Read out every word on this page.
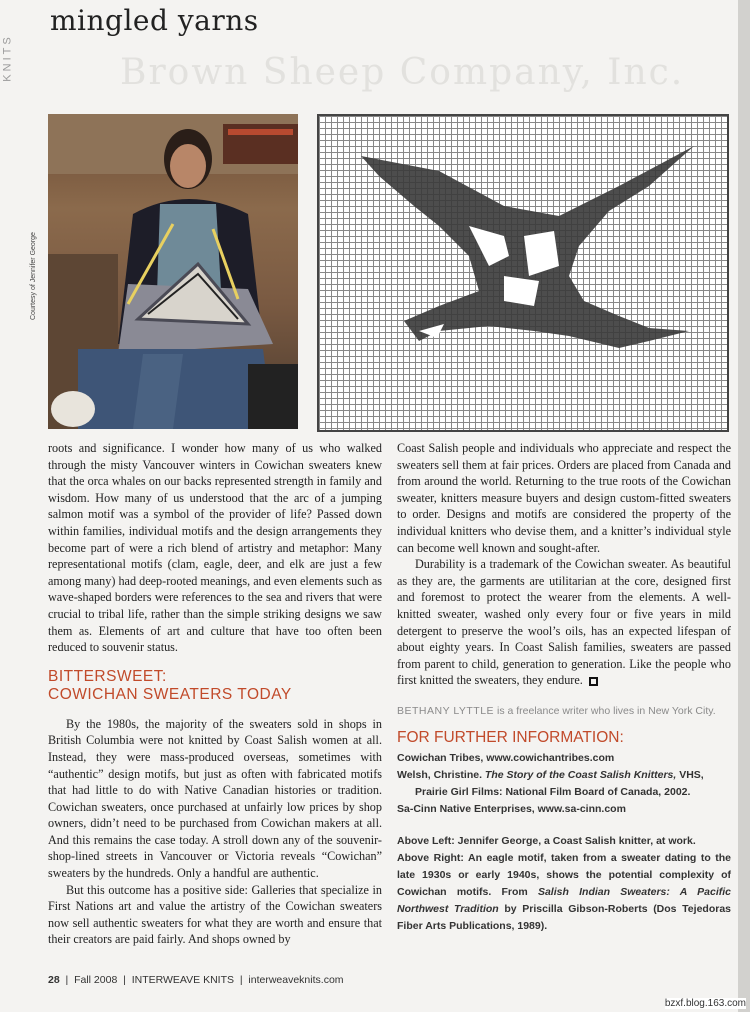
KNITS
mingled yarns
Brown Sheep Company, Inc.
Courtesy of Jennifer George

roots and significance. I wonder how many of us who walked through the misty Vancouver winters in Cowichan sweaters knew that the orca whales on our backs represented strength in family and wisdom. How many of us understood that the arc of a jumping salmon motif was a symbol of the provider of life? Passed down within families, individual motifs and the design arrangements they become part of were a rich blend of artistry and metaphor: Many representational motifs (clam, eagle, deer, and elk are just a few among many) had deep-rooted meanings, and even elements such as wave-shaped borders were references to the sea and rivers that were crucial to tribal life, rather than the simple striking designs we saw them as. Elements of art and culture that have too often been reduced to souvenir status.

BITTERSWEET:
COWICHAN SWEATERS TODAY

By the 1980s, the majority of the sweaters sold in shops in British Columbia were not knitted by Coast Salish women at all. Instead, they were mass-produced overseas, sometimes with “authentic” design motifs, but just as often with fabricated motifs that had little to do with Native Canadian histories or tradition. Cowichan sweaters, once purchased at unfairly low prices by shop owners, didn’t need to be purchased from Cowichan makers at all. And this remains the case today. A stroll down any of the souvenir-shop-lined streets in Vancouver or Victoria reveals “Cowichan” sweaters by the hundreds. Only a handful are authentic.

But this outcome has a positive side: Galleries that specialize in First Nations art and value the artistry of the Cowichan sweaters now sell authentic sweaters for what they are worth and ensure that their creators are paid fairly. And shops owned by

Coast Salish people and individuals who appreciate and respect the sweaters sell them at fair prices. Orders are placed from Canada and from around the world. Returning to the true roots of the Cowichan sweater, knitters measure buyers and design custom-fitted sweaters to order. Designs and motifs are considered the property of the individual knitters who devise them, and a knitter’s individual style can become well known and sought-after.

Durability is a trademark of the Cowichan sweater. As beautiful as they are, the garments are utilitarian at the core, designed first and foremost to protect the wearer from the elements. A well-knitted sweater, washed only every four or five years in mild detergent to preserve the wool’s oils, has an expected lifespan of about eighty years. In Coast Salish families, sweaters are passed from parent to child, generation to generation. Like the people who first knitted the sweaters, they endure.

BETHANY LYTTLE is a freelance writer who lives in New York City.
FOR FURTHER INFORMATION:
Cowichan Tribes, www.cowichantribes.com
Welsh, Christine. The Story of the Coast Salish Knitters, VHS,
Prairie Girl Films: National Film Board of Canada, 2002.
Sa-Cinn Native Enterprises, www.sa-cinn.com
Above Left: Jennifer George, a Coast Salish knitter, at work.
Above Right: An eagle motif, taken from a sweater dating to the late 1930s or early 1940s, shows the potential complexity of Cowichan motifs. From Salish Indian Sweaters: A Pacific Northwest Tradition by Priscilla Gibson-Roberts (Dos Tejedoras Fiber Arts Publications, 1989).
28  |  Fall 2008  |  INTERWEAVE KNITS  |  interweaveknits.com
bzxf.blog.163.com
